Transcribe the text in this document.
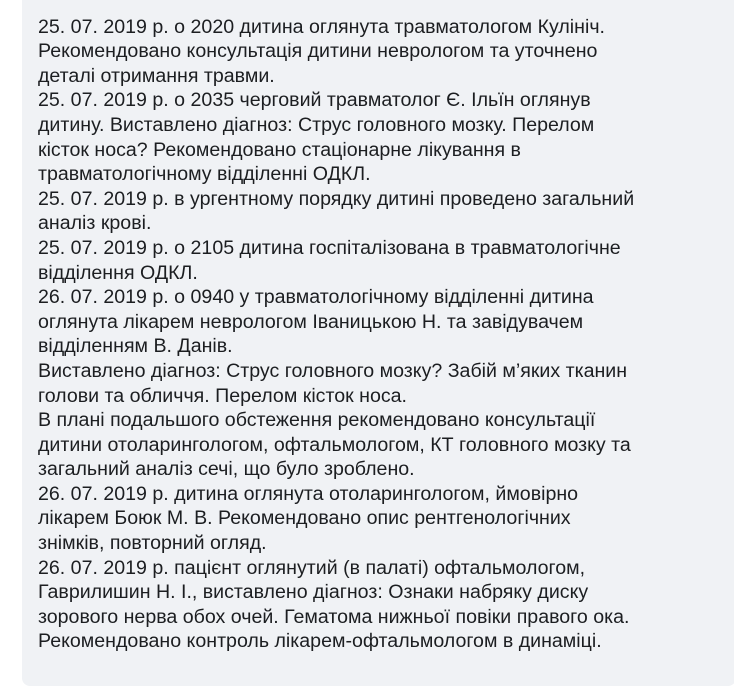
25. 07. 2019 р. о 2020 дитина оглянута травматологом Кулініч.
Рекомендовано консультація дитини неврологом та уточнено
деталі отримання травми.
25. 07. 2019 р. о 2035 черговий травматолог Є. Ільїн оглянув
дитину. Виставлено діагноз: Струс головного мозку. Перелом
кісток носа? Рекомендовано стаціонарне лікування в
травматологічному відділенні ОДКЛ.
25. 07. 2019 р. в ургентному порядку дитині проведено загальний
аналіз крові.
25. 07. 2019 р. о 2105 дитина госпіталізована в травматологічне
відділення ОДКЛ.
26. 07. 2019 р. о 0940 у травматологічному відділенні дитина
оглянута лікарем неврологом Іваницькою Н. та завідувачем
відділенням В. Данів.
Виставлено діагноз: Струс головного мозку? Забій м’яких тканин
голови та обличчя. Перелом кісток носа.
В плані подальшого обстеження рекомендовано консультації
дитини отоларингологом, офтальмологом, КТ головного мозку та
загальний аналіз сечі, що було зроблено.
26. 07. 2019 р. дитина оглянута отоларингологом, ймовірно
лікарем Боюк М. В. Рекомендовано опис рентгенологічних
знімків, повторний огляд.
26. 07. 2019 р. пацієнт оглянутий (в палаті) офтальмологом,
Гаврилишин Н. І., виставлено діагноз: Ознаки набряку диску
зорового нерва обох очей. Гематома нижньої повіки правого ока.
Рекомендовано контроль лікарем-офтальмологом в динаміці.
